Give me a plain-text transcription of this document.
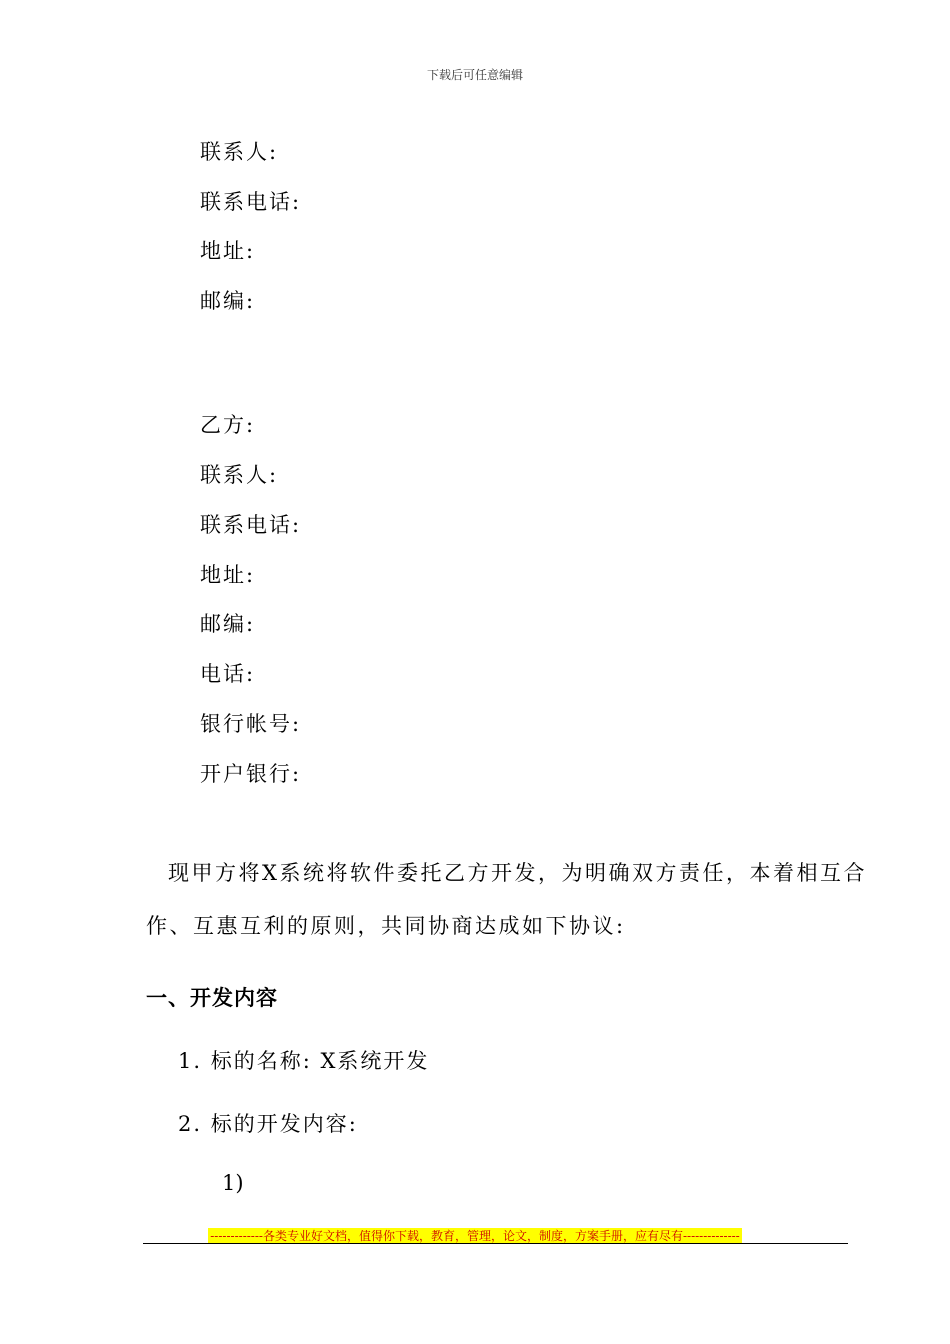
下载后可任意编辑
联系人:
联系电话:
地址:
邮编:
乙方:
联系人:
联系电话:
地址:
邮编:
电话:
银行帐号:
开户银行:
现甲方将X系统将软件委托乙方开发，为明确双方责任，本着相互合
作、互惠互利的原则，共同协商达成如下协议:
一、开发内容
1. 标的名称: X系统开发
2. 标的开发内容:
1)
-------------各类专业好文档，值得你下载，教育，管理，论文，制度，方案手册，应有尽有--------------
